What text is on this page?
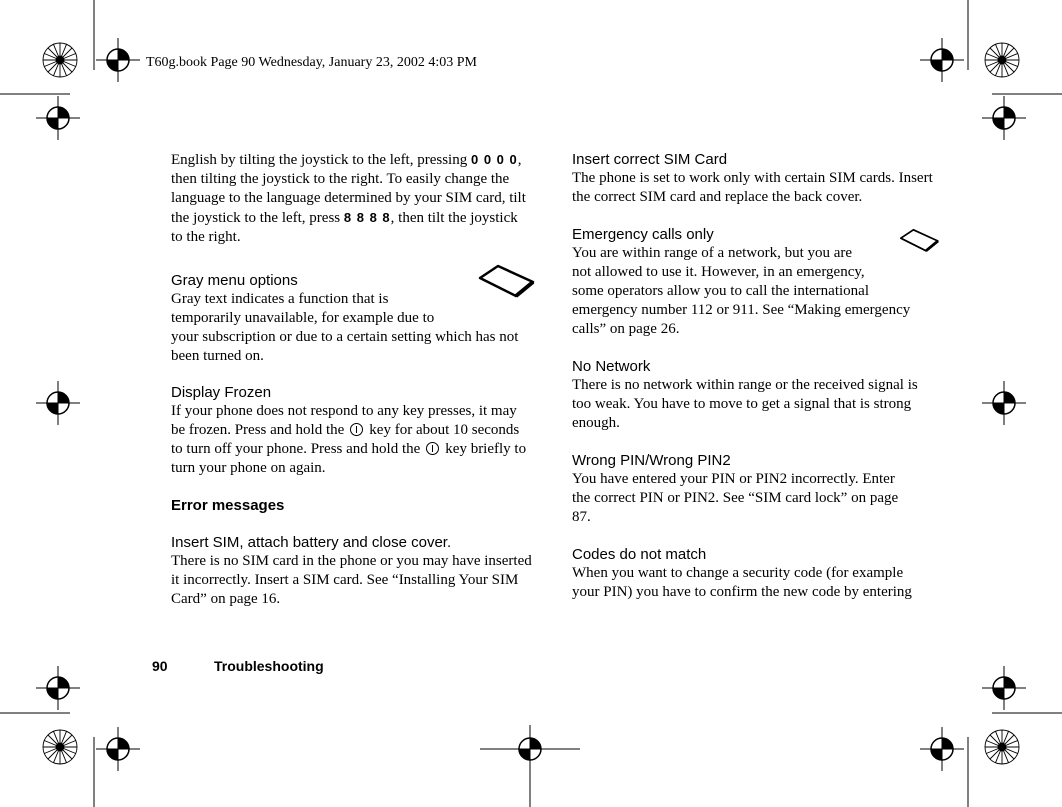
T60g.book Page 90 Wednesday, January 23, 2002 4:03 PM

English by tilting the joystick to the left, pressing 0 0 0 0, then tilting the joystick to the right. To easily change the language to the language determined by your SIM card, tilt the joystick to the left, press 8 8 8 8, then tilt the joystick to the right.

Gray menu options

Gray text indicates a function that is
temporarily unavailable, for example due to
your subscription or due to a certain setting which has not been turned on.

Display Frozen

If your phone does not respond to any key presses, it may be frozen. Press and hold the key for about 10 seconds to turn off your phone. Press and hold the key briefly to turn your phone on again.

Error messages

Insert SIM, attach battery and close cover.

There is no SIM card in the phone or you may have inserted it incorrectly. Insert a SIM card. See “Installing Your SIM Card” on page 16.

Insert correct SIM Card

The phone is set to work only with certain SIM cards. Insert the correct SIM card and replace the back cover.

Emergency calls only

You are within range of a network, but you are
not allowed to use it. However, in an emergency,
some operators allow you to call the international emergency number 112 or 911. See “Making emergency calls” on page 26.

No Network

There is no network within range or the received signal is too weak. You have to move to get a signal that is strong enough.

Wrong PIN/Wrong PIN2

You have entered your PIN or PIN2 incorrectly. Enter the correct PIN or PIN2. See “SIM card lock” on page 87.

Codes do not match

When you want to change a security code (for example your PIN) you have to confirm the new code by entering

90	Troubleshooting
